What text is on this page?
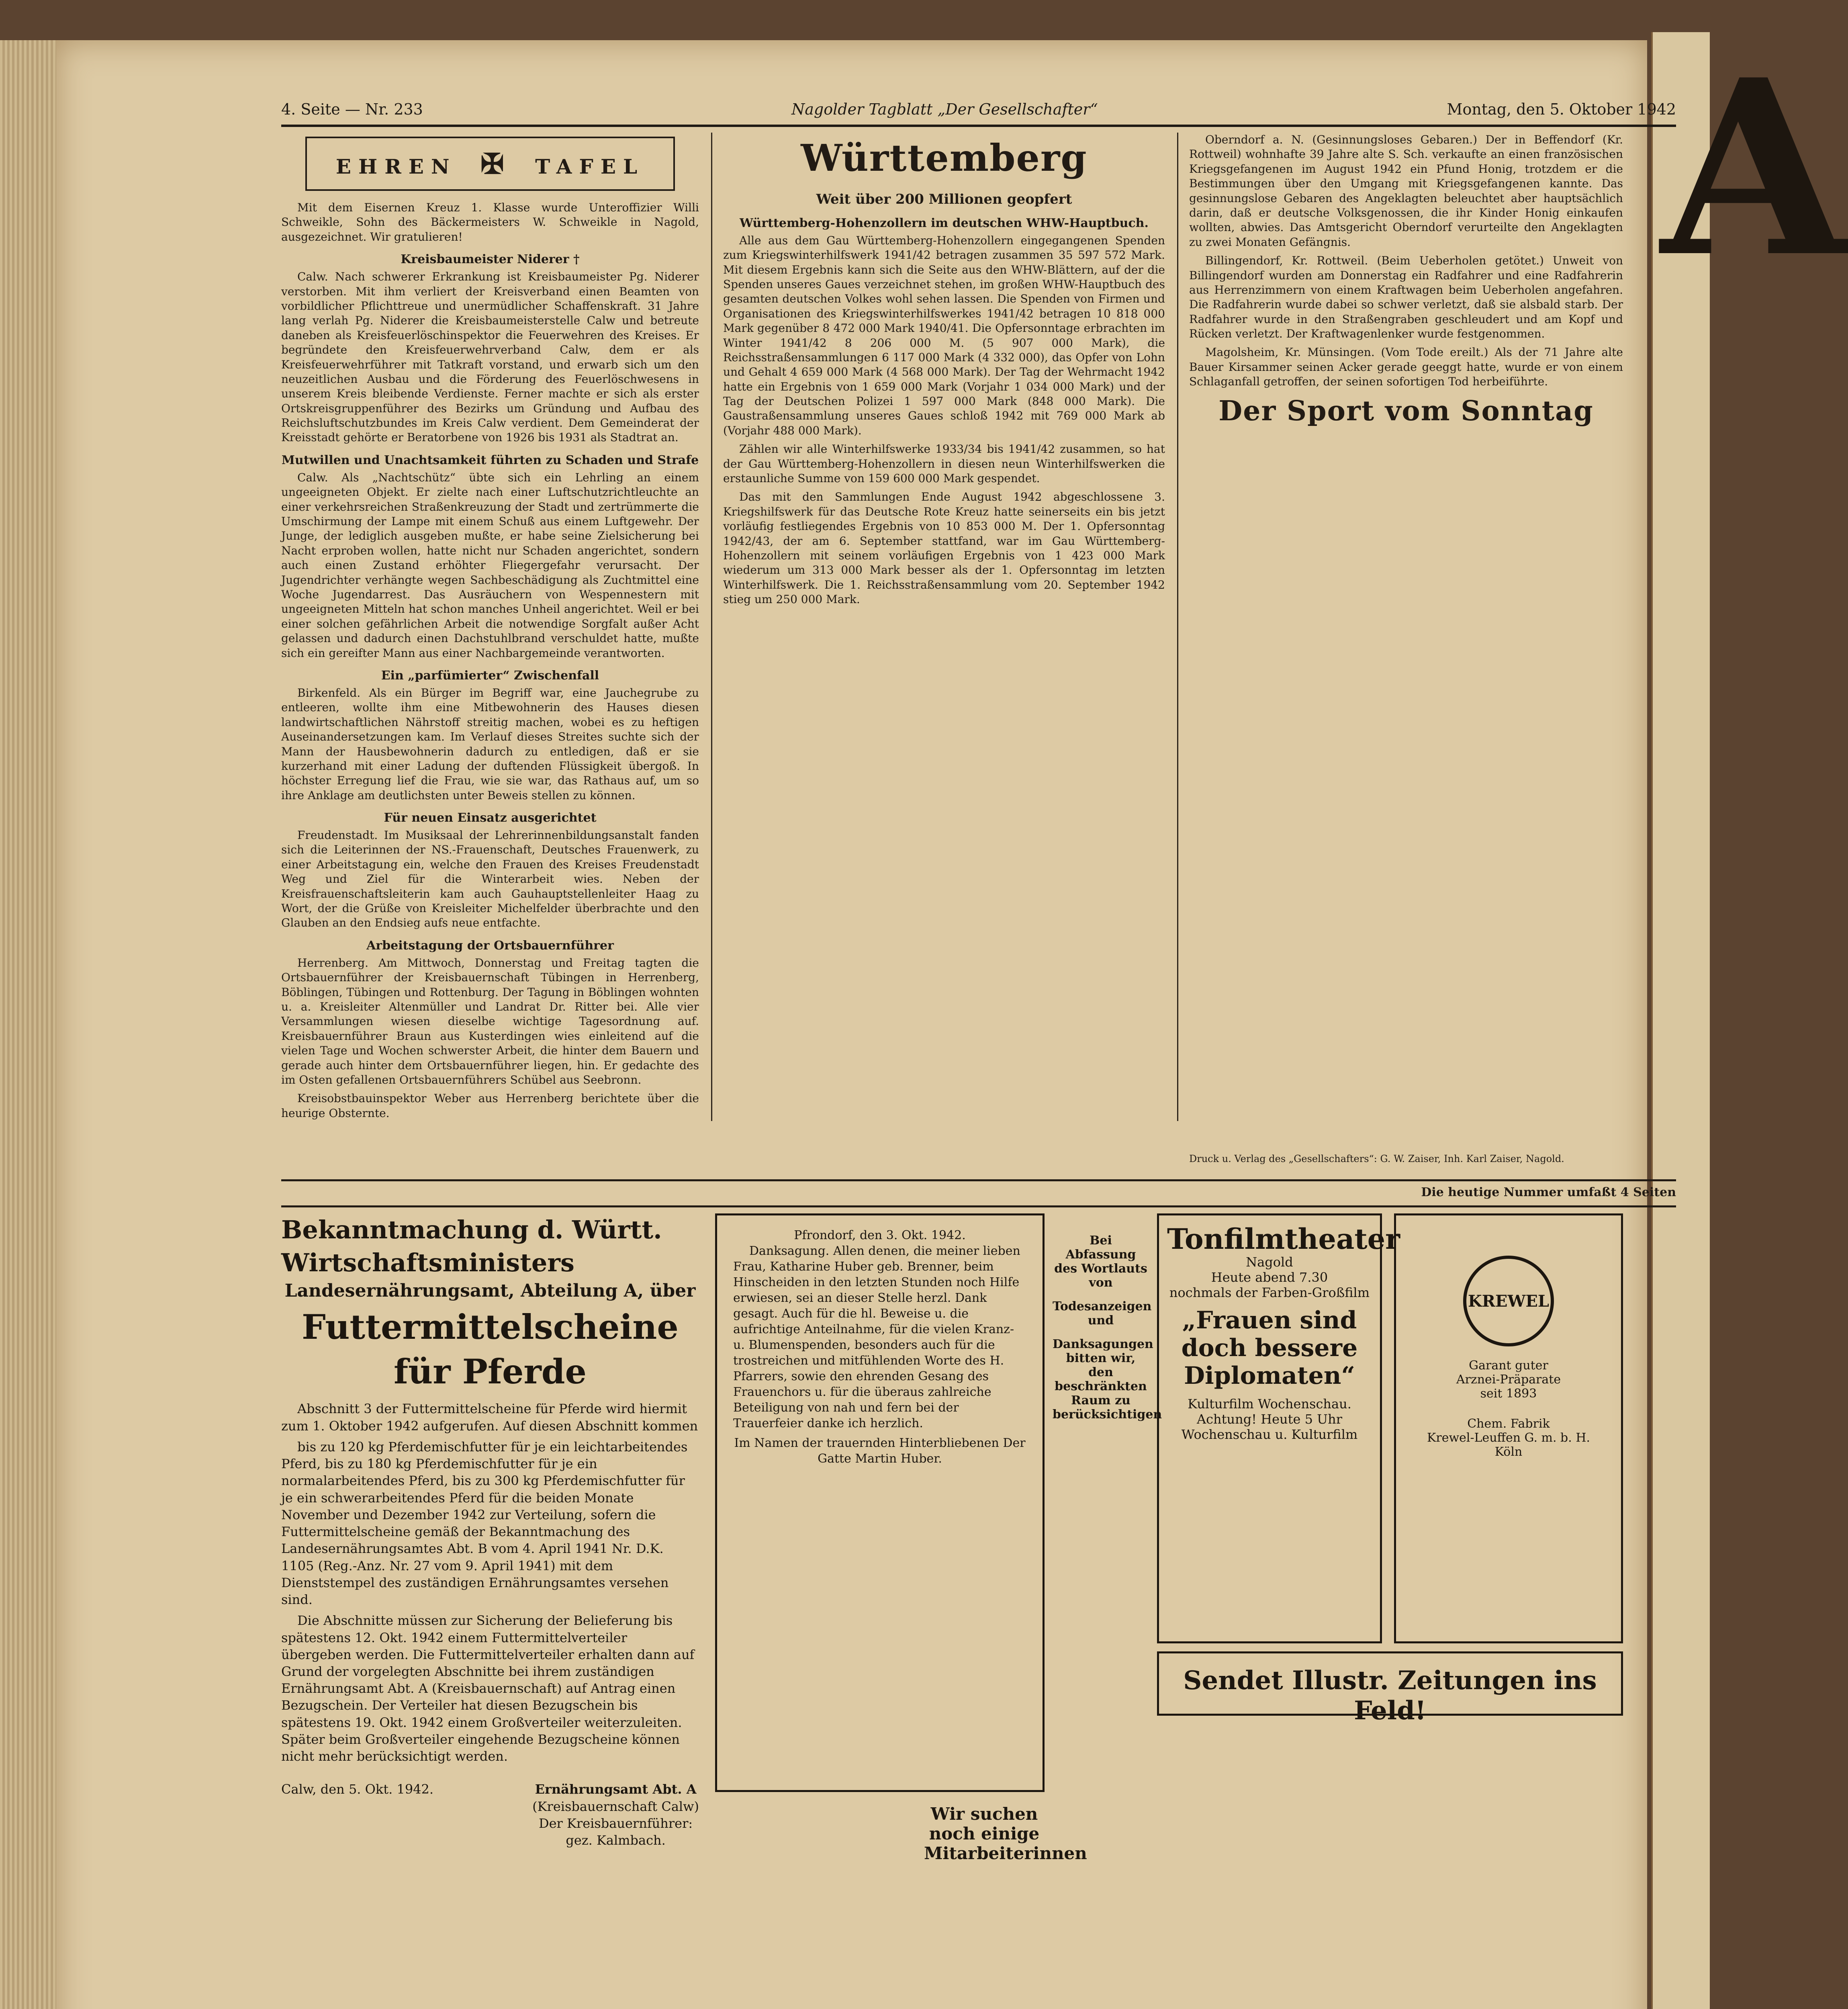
A
4. Seite — Nr. 233	Nagolder Tagblatt „Der Gesellschafter“	Montag, den 5. Oktober 1942
EHREN ✠ TAFEL

Mit dem Eisernen Kreuz 1. Klasse wurde Unteroffizier Willi Schweikle, Sohn des Bäckermeisters W. Schweikle in Nagold, ausgezeichnet. Wir gratulieren!

Kreisbaumeister Niderer †

Calw. Nach schwerer Erkrankung ist Kreisbaumeister Pg. Niderer verstorben. Mit ihm verliert der Kreisverband einen Beamten von vorbildlicher Pflichttreue und unermüdlicher Schaffenskraft. 31 Jahre lang verlah Pg. Niderer die Kreisbaumeisterstelle Calw und betreute daneben als Kreisfeuerlöschinspektor die Feuerwehren des Kreises. Er begründete den Kreisfeuerwehrverband Calw, dem er als Kreisfeuerwehrführer mit Tatkraft vorstand, und erwarb sich um den neuzeitlichen Ausbau und die Förderung des Feuerlöschwesens in unserem Kreis bleibende Verdienste. Ferner machte er sich als erster Ortskreisgruppenführer des Bezirks um Gründung und Aufbau des Reichsluftschutzbundes im Kreis Calw verdient. Dem Gemeinderat der Kreisstadt gehörte er Beratorbene von 1926 bis 1931 als Stadtrat an.

Mutwillen und Unachtsamkeit führten zu Schaden und Strafe

Calw. Als „Nachtschütz“ übte sich ein Lehrling an einem ungeeigneten Objekt. Er zielte nach einer Luftschutzrichtleuchte an einer verkehrsreichen Straßenkreuzung der Stadt und zertrümmerte die Umschirmung der Lampe mit einem Schuß aus einem Luftgewehr. Der Junge, der lediglich ausgeben mußte, er habe seine Zielsicherung bei Nacht erproben wollen, hatte nicht nur Schaden angerichtet, sondern auch einen Zustand erhöhter Fliegergefahr verursacht. Der Jugendrichter verhängte wegen Sachbeschädigung als Zuchtmittel eine Woche Jugendarrest. Das Ausräuchern von Wespennestern mit ungeeigneten Mitteln hat schon manches Unheil angerichtet. Weil er bei einer solchen gefährlichen Arbeit die notwendige Sorgfalt außer Acht gelassen und dadurch einen Dachstuhlbrand verschuldet hatte, mußte sich ein gereifter Mann aus einer Nachbargemeinde verantworten.

Ein „parfümierter“ Zwischenfall

Birkenfeld. Als ein Bürger im Begriff war, eine Jauchegrube zu entleeren, wollte ihm eine Mitbewohnerin des Hauses diesen landwirtschaftlichen Nährstoff streitig machen, wobei es zu heftigen Auseinandersetzungen kam. Im Verlauf dieses Streites suchte sich der Mann der Hausbewohnerin dadurch zu entledigen, daß er sie kurzerhand mit einer Ladung der duftenden Flüssigkeit übergoß. In höchster Erregung lief die Frau, wie sie war, das Rathaus auf, um so ihre Anklage am deutlichsten unter Beweis stellen zu können.

Für neuen Einsatz ausgerichtet

Freudenstadt. Im Musiksaal der Lehrerinnenbildungsanstalt fanden sich die Leiterinnen der NS.-Frauenschaft, Deutsches Frauenwerk, zu einer Arbeitstagung ein, welche den Frauen des Kreises Freudenstadt Weg und Ziel für die Winterarbeit wies. Neben der Kreisfrauenschaftsleiterin kam auch Gauhauptstellenleiter Haag zu Wort, der die Grüße von Kreisleiter Michelfelder überbrachte und den Glauben an den Endsieg aufs neue entfachte.

Arbeitstagung der Ortsbauernführer

Herrenberg. Am Mittwoch, Donnerstag und Freitag tagten die Ortsbauernführer der Kreisbauernschaft Tübingen in Herrenberg, Böblingen, Tübingen und Rottenburg. Der Tagung in Böblingen wohnten u. a. Kreisleiter Altenmüller und Landrat Dr. Ritter bei. Alle vier Versammlungen wiesen dieselbe wichtige Tagesordnung auf. Kreisbauernführer Braun aus Kusterdingen wies einleitend auf die vielen Tage und Wochen schwerster Arbeit, die hinter dem Bauern und gerade auch hinter dem Ortsbauernführer liegen, hin. Er gedachte des im Osten gefallenen Ortsbauernführers Schübel aus Seebronn.

Kreisobstbauinspektor Weber aus Herrenberg berichtete über die heurige Obsternte.

Württemberg
Weit über 200 Millionen geopfert
Württemberg-Hohenzollern im deutschen WHW-Hauptbuch.

Alle aus dem Gau Württemberg-Hohenzollern eingegangenen Spenden zum Kriegswinterhilfswerk 1941/42 betragen zusammen 35 597 572 Mark. Mit diesem Ergebnis kann sich die Seite aus den WHW-Blättern, auf der die Spenden unseres Gaues verzeichnet stehen, im großen WHW-Hauptbuch des gesamten deutschen Volkes wohl sehen lassen. Die Spenden von Firmen und Organisationen des Kriegswinterhilfswerkes 1941/42 betragen 10 818 000 Mark gegenüber 8 472 000 Mark 1940/41. Die Opfersonntage erbrachten im Winter 1941/42 8 206 000 M. (5 907 000 Mark), die Reichsstraßensammlungen 6 117 000 Mark (4 332 000), das Opfer von Lohn und Gehalt 4 659 000 Mark (4 568 000 Mark). Der Tag der Wehrmacht 1942 hatte ein Ergebnis von 1 659 000 Mark (Vorjahr 1 034 000 Mark) und der Tag der Deutschen Polizei 1 597 000 Mark (848 000 Mark). Die Gaustraßensammlung unseres Gaues schloß 1942 mit 769 000 Mark ab (Vorjahr 488 000 Mark).

Zählen wir alle Winterhilfswerke 1933/34 bis 1941/42 zusammen, so hat der Gau Württemberg-Hohenzollern in diesen neun Winterhilfswerken die erstaunliche Summe von 159 600 000 Mark gespendet.

Das mit den Sammlungen Ende August 1942 abgeschlossene 3. Kriegshilfswerk für das Deutsche Rote Kreuz hatte seinerseits ein bis jetzt vorläufig festliegendes Ergebnis von 10 853 000 M. Der 1. Opfersonntag 1942/43, der am 6. September stattfand, war im Gau Württemberg-Hohenzollern mit seinem vorläufigen Ergebnis von 1 423 000 Mark wiederum um 313 000 Mark besser als der 1. Opfersonntag im letzten Winterhilfswerk. Die 1. Reichsstraßensammlung vom 20. September 1942 stieg um 250 000 Mark.

Oberndorf a. N. (Gesinnungsloses Gebaren.) Der in Beffendorf (Kr. Rottweil) wohnhafte 39 Jahre alte S. Sch. verkaufte an einen französischen Kriegsgefangenen im August 1942 ein Pfund Honig, trotzdem er die Bestimmungen über den Umgang mit Kriegsgefangenen kannte. Das gesinnungslose Gebaren des Angeklagten beleuchtet aber hauptsächlich darin, daß er deutsche Volksgenossen, die ihr Kinder Honig einkaufen wollten, abwies. Das Amtsgericht Oberndorf verurteilte den Angeklagten zu zwei Monaten Gefängnis.

Billingendorf, Kr. Rottweil. (Beim Ueberholen getötet.) Unweit von Billingendorf wurden am Donnerstag ein Radfahrer und eine Radfahrerin aus Herrenzimmern von einem Kraftwagen beim Ueberholen angefahren. Die Radfahrerin wurde dabei so schwer verletzt, daß sie alsbald starb. Der Radfahrer wurde in den Straßengraben geschleudert und am Kopf und Rücken verletzt. Der Kraftwagenlenker wurde festgenommen.

Magolsheim, Kr. Münsingen. (Vom Tode ereilt.) Als der 71 Jahre alte Bauer Kirsammer seinen Acker gerade geeggt hatte, wurde er von einem Schlaganfall getroffen, der seinen sofortigen Tod herbeiführte.

Der Sport vom Sonntag
Druck u. Verlag des „Gesellschafters“: G. W. Zaiser, Inh. Karl Zaiser, Nagold.
Die heutige Nummer umfaßt 4 Seiten
Bekanntmachung d. Württ. Wirtschaftsministers
Landesernährungsamt, Abteilung A, über
Futtermittelscheine für Pferde

Abschnitt 3 der Futtermittelscheine für Pferde wird hiermit zum 1. Oktober 1942 aufgerufen. Auf diesen Abschnitt kommen

bis zu 120 kg Pferdemischfutter für je ein leichtarbeitendes Pferd, bis zu 180 kg Pferdemischfutter für je ein normalarbeitendes Pferd, bis zu 300 kg Pferdemischfutter für je ein schwerarbeitendes Pferd für die beiden Monate November und Dezember 1942 zur Verteilung, sofern die Futtermittelscheine gemäß der Bekanntmachung des Landesernährungsamtes Abt. B vom 4. April 1941 Nr. D.K. 1105 (Reg.-Anz. Nr. 27 vom 9. April 1941) mit dem Dienststempel des zuständigen Ernährungsamtes versehen sind.

Die Abschnitte müssen zur Sicherung der Belieferung bis spätestens 12. Okt. 1942 einem Futtermittelverteiler übergeben werden. Die Futtermittelverteiler erhalten dann auf Grund der vorgelegten Abschnitte bei ihrem zuständigen Ernährungsamt Abt. A (Kreisbauernschaft) auf Antrag einen Bezugschein. Der Verteiler hat diesen Bezugschein bis spätestens 19. Okt. 1942 einem Großverteiler weiterzuleiten. Später beim Großverteiler eingehende Bezugscheine können nicht mehr berücksichtigt werden.

Calw, den 5. Okt. 1942.	Ernährungsamt Abt. A
(Kreisbauernschaft Calw)
Der Kreisbauernführer:
gez. Kalmbach.
Pfrondorf, den 3. Okt. 1942.

Danksagung. Allen denen, die meiner lieben Frau, Katharine Huber geb. Brenner, beim Hinscheiden in den letzten Stunden noch Hilfe erwiesen, sei an dieser Stelle herzl. Dank gesagt. Auch für die hl. Beweise u. die aufrichtige Anteilnahme, für die vielen Kranz- u. Blumenspenden, besonders auch für die trostreichen und mitfühlenden Worte des H. Pfarrers, sowie den ehrenden Gesang des Frauenchors u. für die überaus zahlreiche Beteiligung von nah und fern bei der Trauerfeier danke ich herzlich.

Im Namen der trauernden Hinterbliebenen Der Gatte Martin Huber.
Bei Abfassung des Wortlauts von
Todesanzeigen und
Danksagungen bitten wir, den beschränkten Raum zu berücksichtigen
Wir suchen noch einige
Mitarbeiterinnen
Tonfilmtheater
Nagold
Heute abend 7.30
nochmals der Farben-Großfilm
„Frauen sind doch bessere Diplomaten“
Kulturfilm Wochenschau.
Achtung! Heute 5 Uhr Wochenschau u. Kulturfilm
KREWEL
Garant guter
Arznei-Präparate
seit 1893
Chem. Fabrik
Krewel-Leuffen G. m. b. H.
Köln
Sendet Illustr. Zeitungen ins Feld!
